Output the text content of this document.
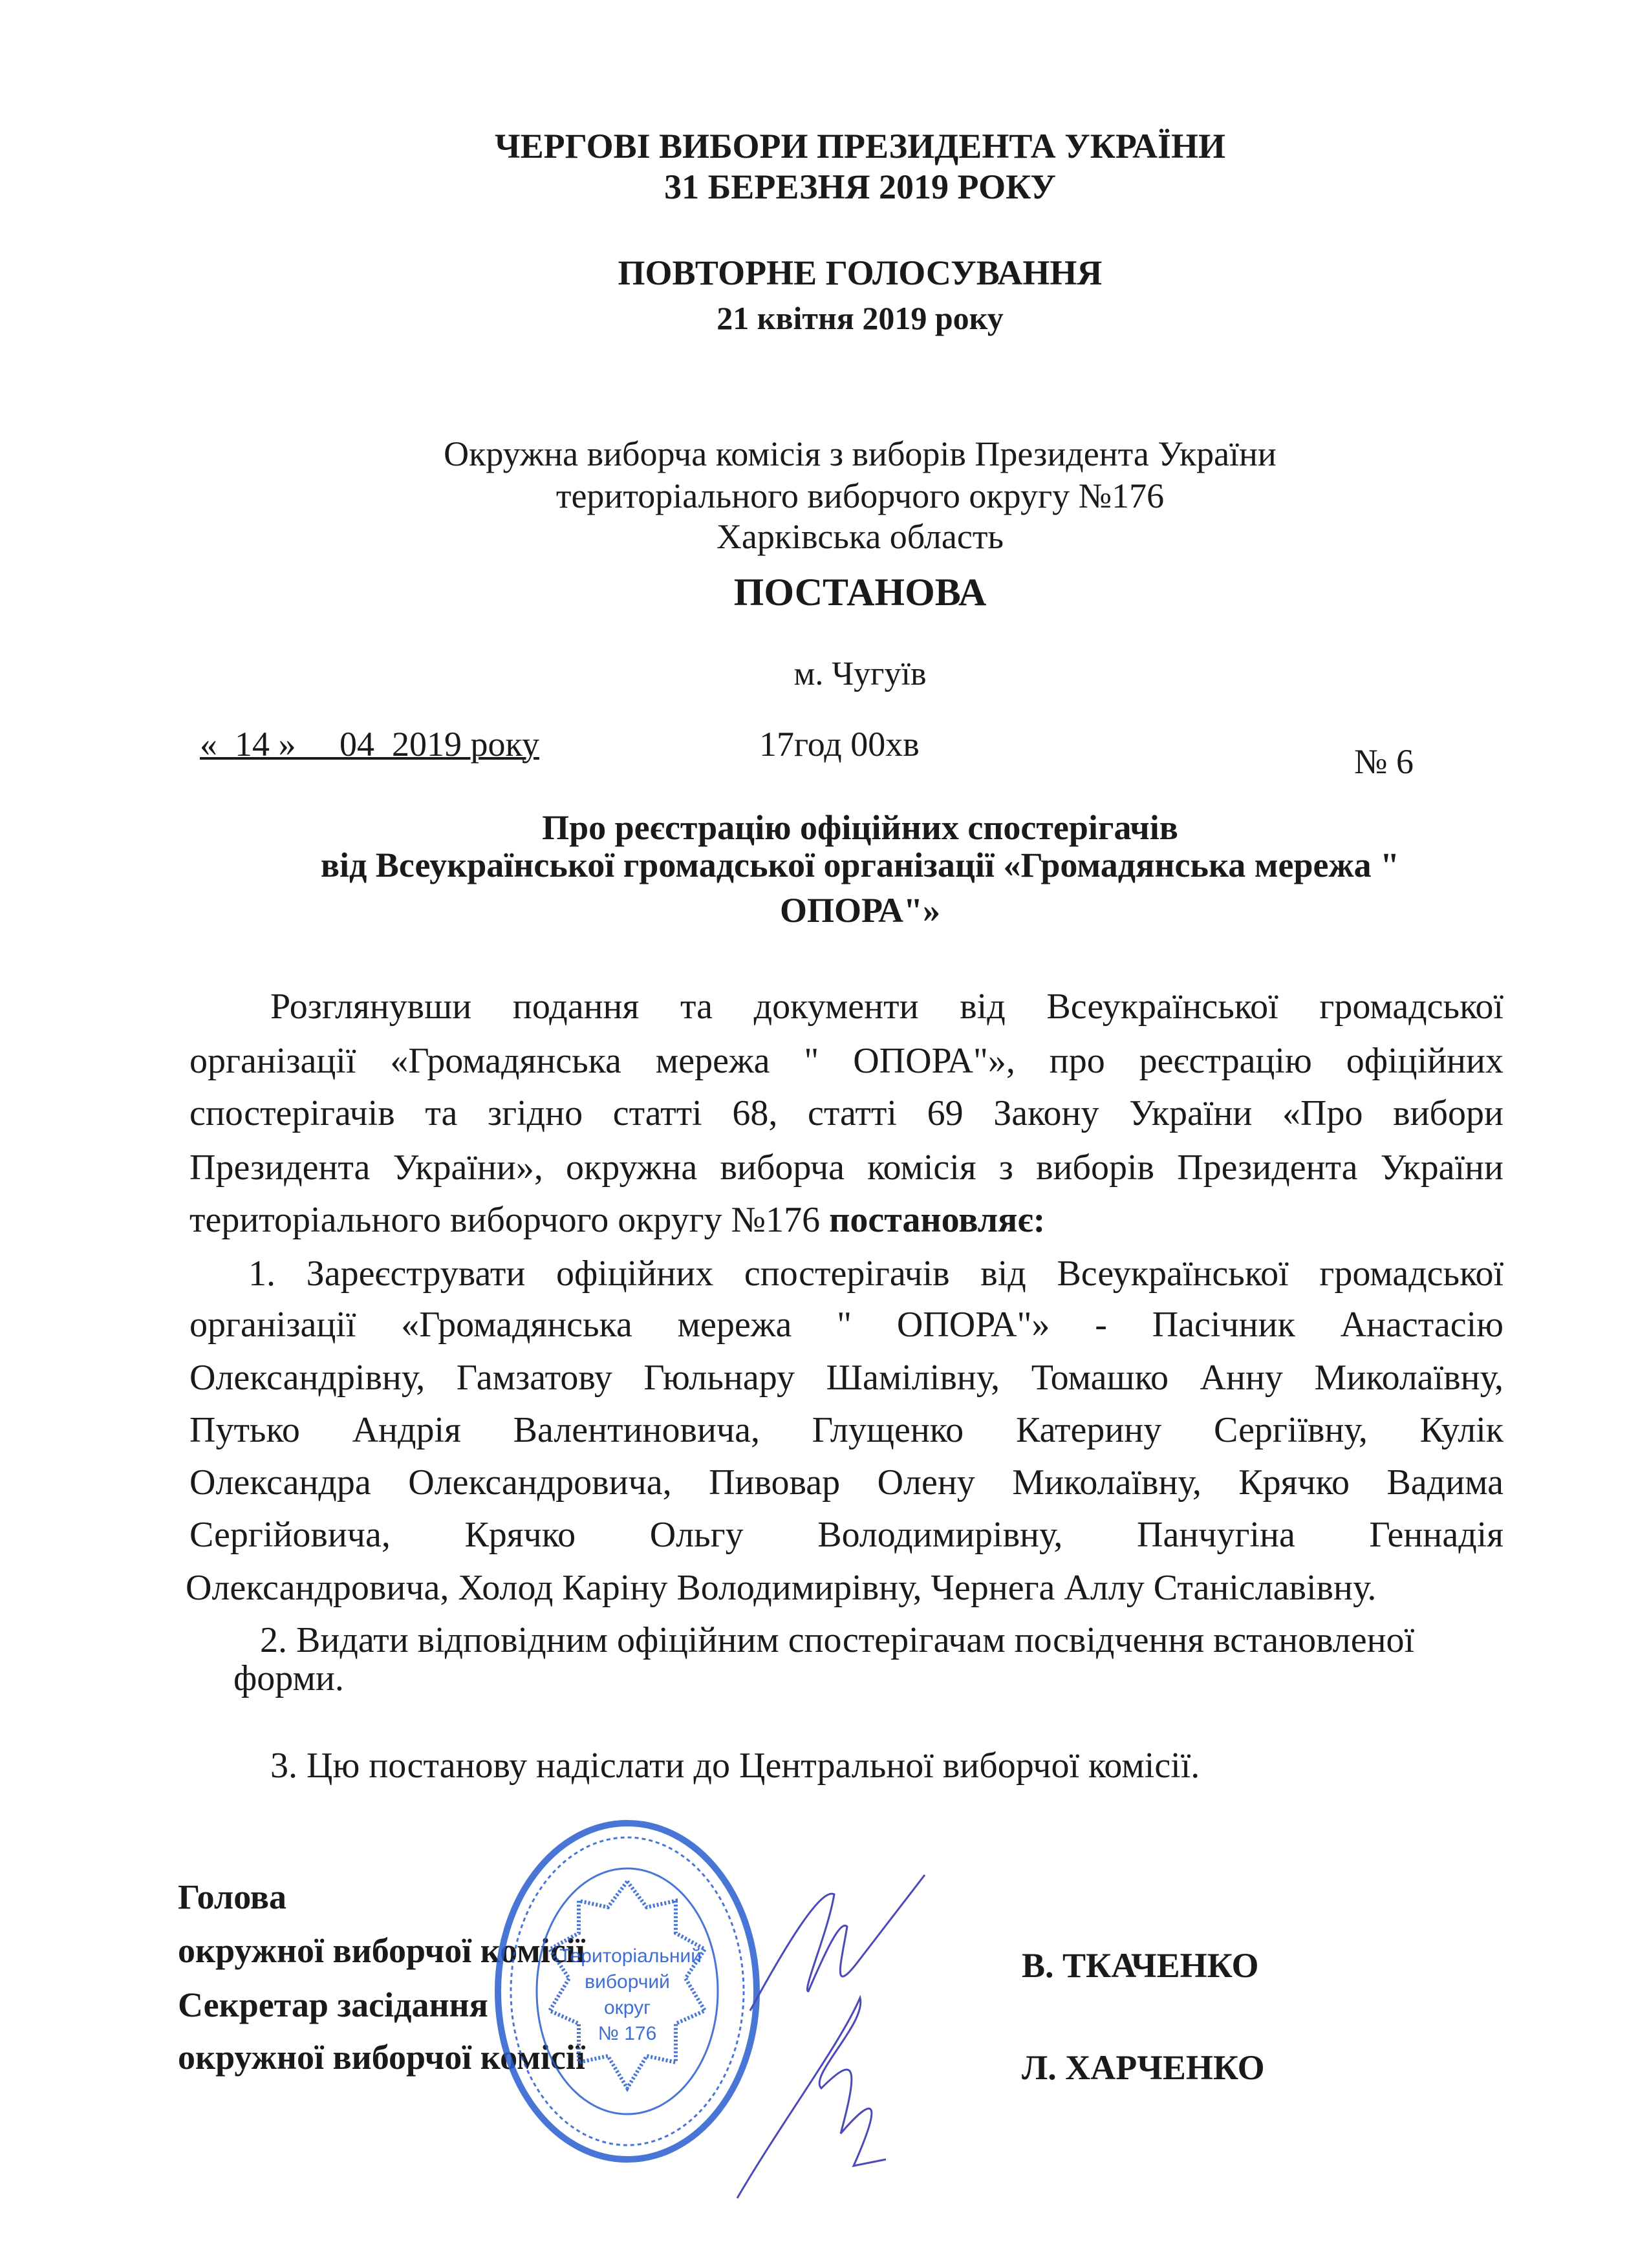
ЧЕРГОВІ ВИБОРИ ПРЕЗИДЕНТА УКРАЇНИ
31 БЕРЕЗНЯ 2019 РОКУ
ПОВТОРНЕ ГОЛОСУВАННЯ
21 квітня 2019 року
Окружна виборча комісія з виборів Президента України
територіального виборчого округу №176
Харківська область
ПОСТАНОВА
м. Чугуїв
«  14 »     04  2019 року	17год 00хв	№ 6
Про реєстрацію офіційних спостерігачів
від Всеукраїнської громадської організації «Громадянська мережа "
ОПОРА"»
Розглянувши подання та документи від Всеукраїнської громадської
організації «Громадянська мережа " ОПОРА"», про реєстрацію офіційних
спостерігачів та згідно статті 68, статті 69 Закону України «Про вибори
Президента України», окружна виборча комісія з виборів Президента України
територіального виборчого округу №176 постановляє:
1. Зареєструвати офіційних спостерігачів від Всеукраїнської громадської
організації «Громадянська мережа " ОПОРА"» - Пасічник Анастасію
Олександрівну, Гамзатову Гюльнару Шамілівну, Томашко Анну Миколаївну,
Путько Андрія Валентиновича, Глущенко Катерину Сергіївну, Кулік
Олександра Олександровича, Пивовар Олену Миколаївну, Крячко Вадима
Сергійовича, Крячко Ольгу Володимирівну, Панчугіна Геннадія
Олександровича, Холод Каріну Володимирівну, Чернега Аллу Станіславівну.
2. Видати відповідним офіційним спостерігачам посвідчення встановленої
форми.
3. Цю постанову надіслати до Центральної виборчої комісії.
Голова
окружної виборчої комісії
Секретар засідання
окружної виборчої комісії
В. ТКАЧЕНКО
Л. ХАРЧЕНКО
Територіальний
виборчий
округ
№ 176
